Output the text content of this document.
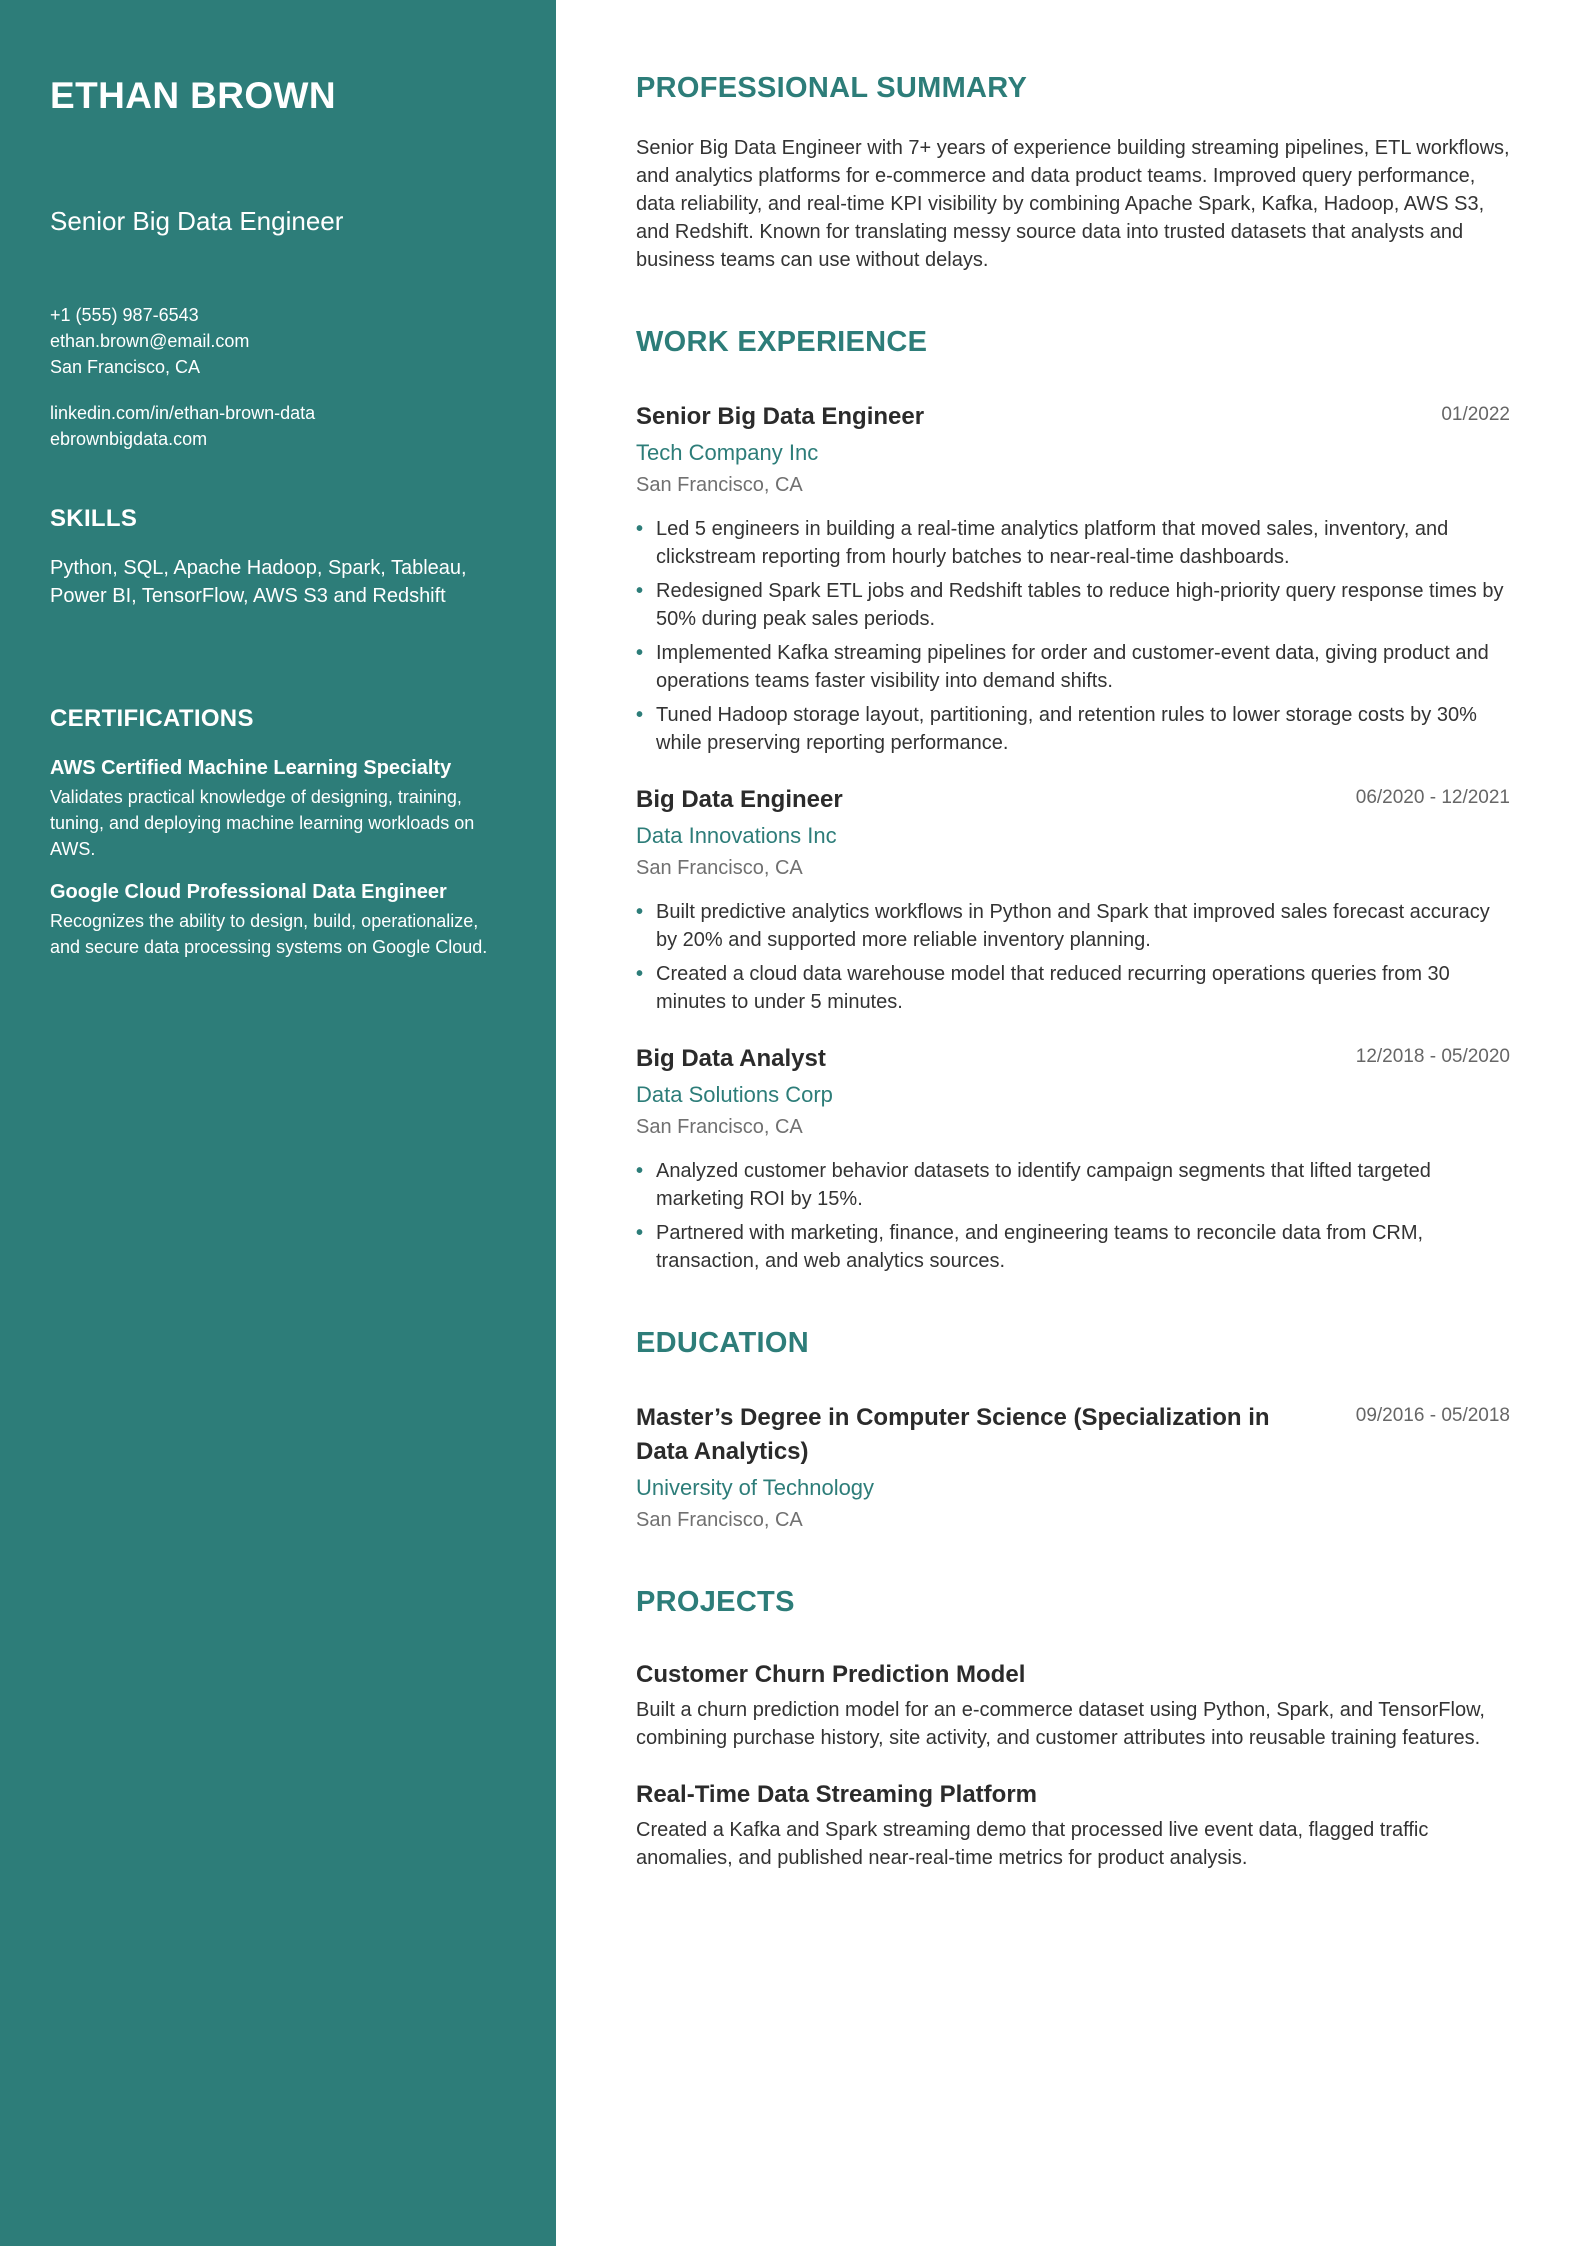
ETHAN BROWN
Senior Big Data Engineer
+1 (555) 987-6543
ethan.brown@email.com
San Francisco, CA
linkedin.com/in/ethan-brown-data
ebrownbigdata.com
SKILLS

Python, SQL, Apache Hadoop, Spark, Tableau, Power BI, TensorFlow, AWS S3 and Redshift

CERTIFICATIONS
AWS Certified Machine Learning Specialty
Validates practical knowledge of designing, training, tuning, and deploying machine learning workloads on AWS.
Google Cloud Professional Data Engineer
Recognizes the ability to design, build, operationalize, and secure data processing systems on Google Cloud.
PROFESSIONAL SUMMARY

Senior Big Data Engineer with 7+ years of experience building streaming pipelines, ETL workflows, and analytics platforms for e-commerce and data product teams. Improved query performance, data reliability, and real-time KPI visibility by combining Apache Spark, Kafka, Hadoop, AWS S3, and Redshift. Known for translating messy source data into trusted datasets that analysts and business teams can use without delays.

WORK EXPERIENCE
Senior Big Data Engineer	01/2022
Tech Company Inc
San Francisco, CA
• Led 5 engineers in building a real-time analytics platform that moved sales, inventory, and clickstream reporting from hourly batches to near-real-time dashboards.
• Redesigned Spark ETL jobs and Redshift tables to reduce high-priority query response times by 50% during peak sales periods.
• Implemented Kafka streaming pipelines for order and customer-event data, giving product and operations teams faster visibility into demand shifts.
• Tuned Hadoop storage layout, partitioning, and retention rules to lower storage costs by 30% while preserving reporting performance.
Big Data Engineer	06/2020 - 12/2021
Data Innovations Inc
San Francisco, CA
• Built predictive analytics workflows in Python and Spark that improved sales forecast accuracy by 20% and supported more reliable inventory planning.
• Created a cloud data warehouse model that reduced recurring operations queries from 30 minutes to under 5 minutes.
Big Data Analyst	12/2018 - 05/2020
Data Solutions Corp
San Francisco, CA
• Analyzed customer behavior datasets to identify campaign segments that lifted targeted marketing ROI by 15%.
• Partnered with marketing, finance, and engineering teams to reconcile data from CRM, transaction, and web analytics sources.
EDUCATION
Master’s Degree in Computer Science (Specialization in Data Analytics)
09/2016 - 05/2018
University of Technology
San Francisco, CA
PROJECTS
Customer Churn Prediction Model

Built a churn prediction model for an e-commerce dataset using Python, Spark, and TensorFlow, combining purchase history, site activity, and customer attributes into reusable training features.

Real-Time Data Streaming Platform

Created a Kafka and Spark streaming demo that processed live event data, flagged traffic anomalies, and published near-real-time metrics for product analysis.
